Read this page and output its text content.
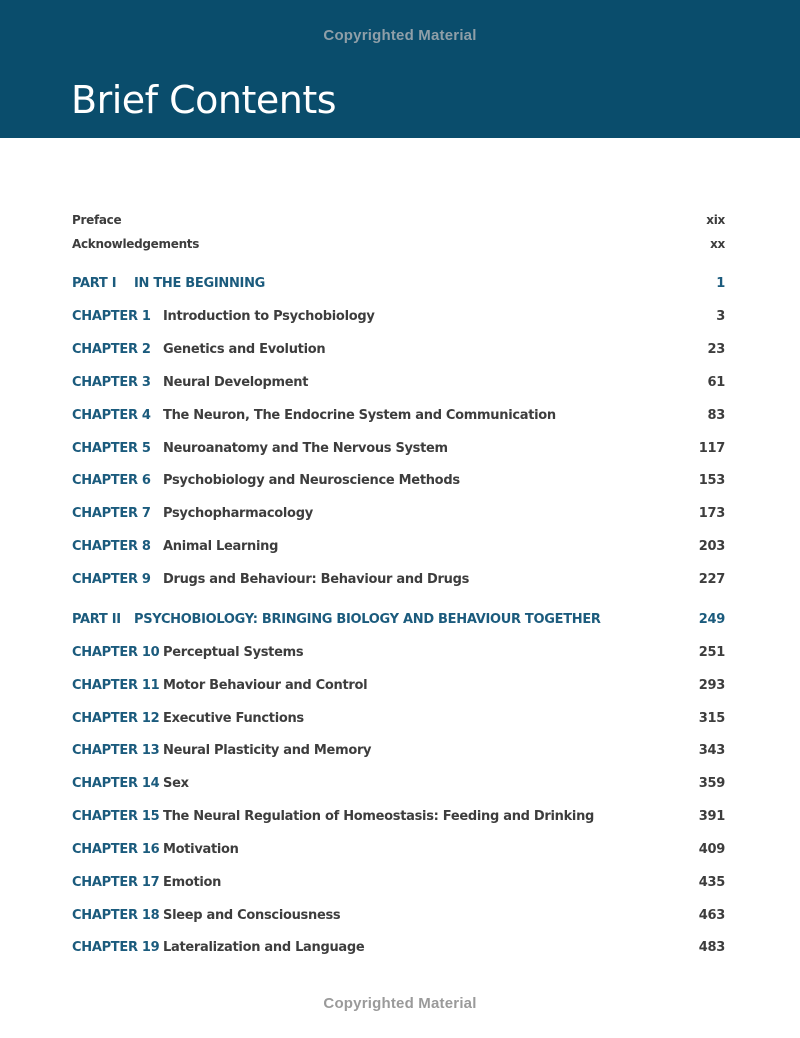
Copyrighted Material
Brief Contents
Preface	xix
Acknowledgements	xx
PART I IN THE BEGINNING	1
CHAPTER 1 Introduction to Psychobiology	3
CHAPTER 2 Genetics and Evolution	23
CHAPTER 3 Neural Development	61
CHAPTER 4 The Neuron, The Endocrine System and Communication	83
CHAPTER 5 Neuroanatomy and The Nervous System	117
CHAPTER 6 Psychobiology and Neuroscience Methods	153
CHAPTER 7 Psychopharmacology	173
CHAPTER 8 Animal Learning	203
CHAPTER 9 Drugs and Behaviour: Behaviour and Drugs	227
PART II PSYCHOBIOLOGY: BRINGING BIOLOGY AND BEHAVIOUR TOGETHER	249
CHAPTER 10 Perceptual Systems	251
CHAPTER 11 Motor Behaviour and Control	293
CHAPTER 12 Executive Functions	315
CHAPTER 13 Neural Plasticity and Memory	343
CHAPTER 14 Sex	359
CHAPTER 15 The Neural Regulation of Homeostasis: Feeding and Drinking	391
CHAPTER 16 Motivation	409
CHAPTER 17 Emotion	435
CHAPTER 18 Sleep and Consciousness	463
CHAPTER 19 Lateralization and Language	483
Copyrighted Material
